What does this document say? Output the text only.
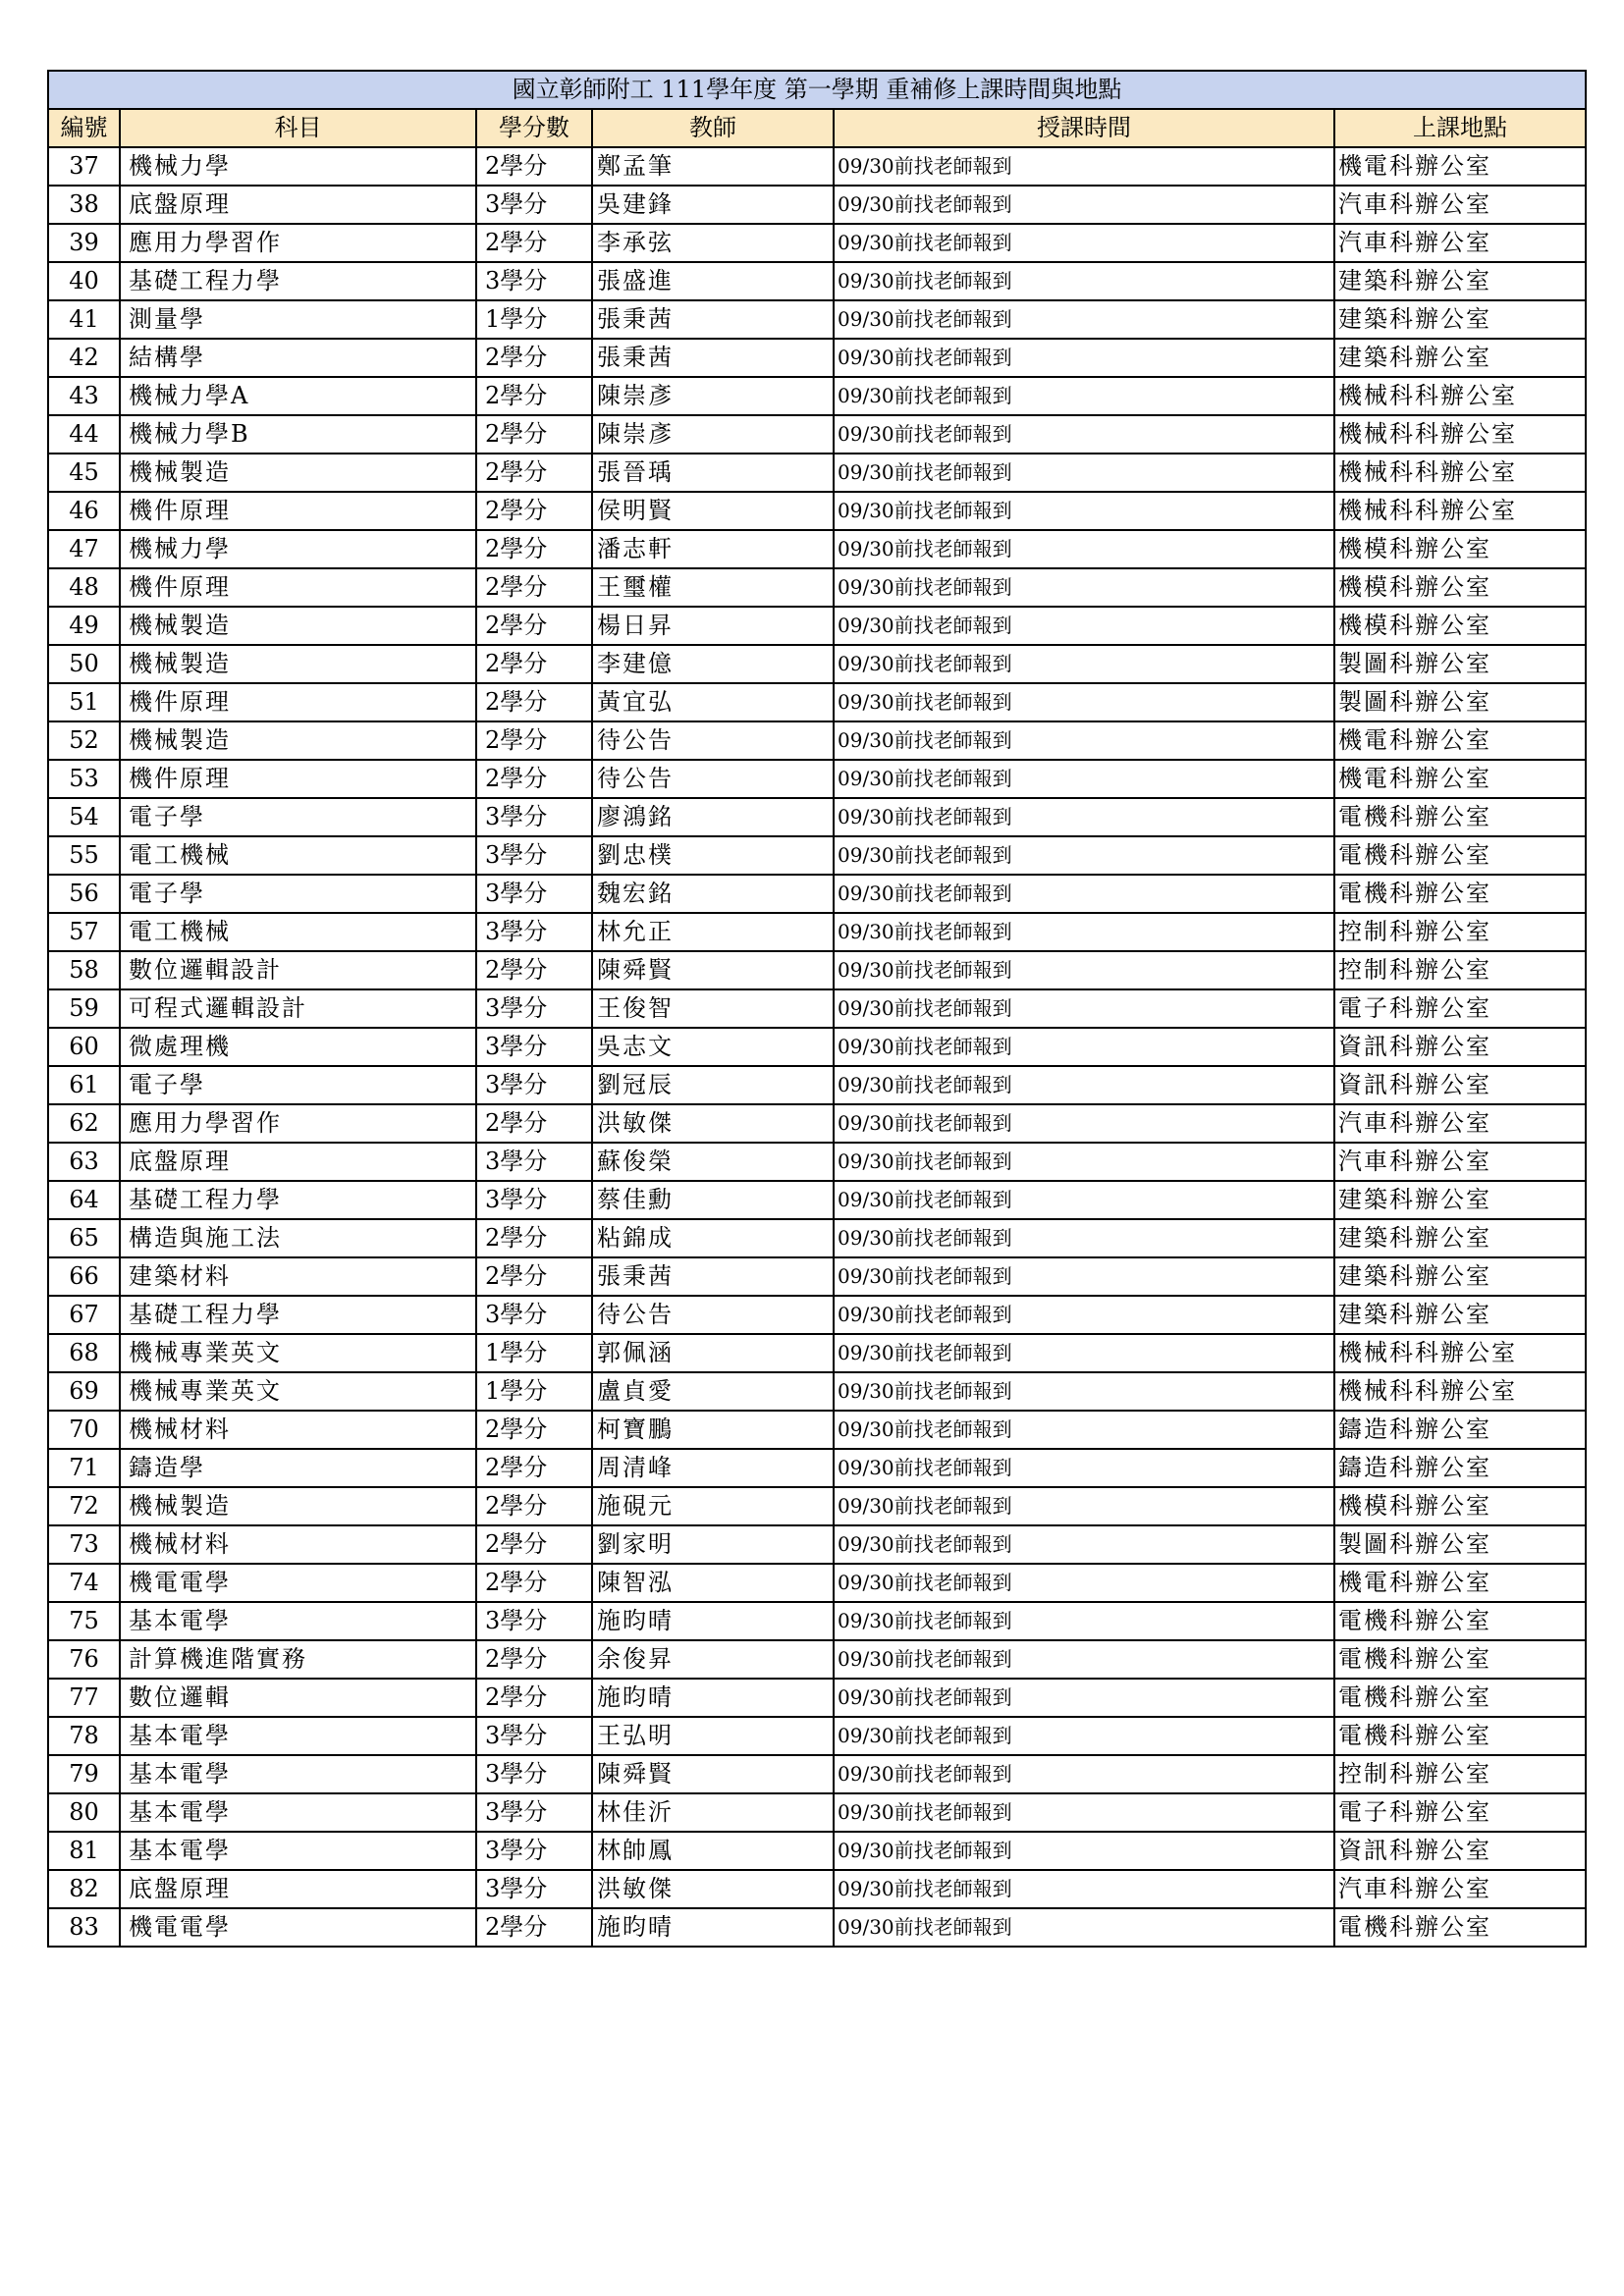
國立彰師附工 111學年度 第一學期 重補修上課時間與地點					
編號	科目	學分數	教師	授課時間	上課地點
37	機械力學	2學分	鄭孟筆	09/30前找老師報到	機電科辦公室
38	底盤原理	3學分	吳建鋒	09/30前找老師報到	汽車科辦公室
39	應用力學習作	2學分	李承弦	09/30前找老師報到	汽車科辦公室
40	基礎工程力學	3學分	張盛進	09/30前找老師報到	建築科辦公室
41	測量學	1學分	張秉茜	09/30前找老師報到	建築科辦公室
42	結構學	2學分	張秉茜	09/30前找老師報到	建築科辦公室
43	機械力學A	2學分	陳崇彥	09/30前找老師報到	機械科科辦公室
44	機械力學B	2學分	陳崇彥	09/30前找老師報到	機械科科辦公室
45	機械製造	2學分	張晉瑀	09/30前找老師報到	機械科科辦公室
46	機件原理	2學分	侯明賢	09/30前找老師報到	機械科科辦公室
47	機械力學	2學分	潘志軒	09/30前找老師報到	機模科辦公室
48	機件原理	2學分	王璽權	09/30前找老師報到	機模科辦公室
49	機械製造	2學分	楊日昇	09/30前找老師報到	機模科辦公室
50	機械製造	2學分	李建億	09/30前找老師報到	製圖科辦公室
51	機件原理	2學分	黃宜弘	09/30前找老師報到	製圖科辦公室
52	機械製造	2學分	待公告	09/30前找老師報到	機電科辦公室
53	機件原理	2學分	待公告	09/30前找老師報到	機電科辦公室
54	電子學	3學分	廖鴻銘	09/30前找老師報到	電機科辦公室
55	電工機械	3學分	劉忠樸	09/30前找老師報到	電機科辦公室
56	電子學	3學分	魏宏銘	09/30前找老師報到	電機科辦公室
57	電工機械	3學分	林允正	09/30前找老師報到	控制科辦公室
58	數位邏輯設計	2學分	陳舜賢	09/30前找老師報到	控制科辦公室
59	可程式邏輯設計	3學分	王俊智	09/30前找老師報到	電子科辦公室
60	微處理機	3學分	吳志文	09/30前找老師報到	資訊科辦公室
61	電子學	3學分	劉冠辰	09/30前找老師報到	資訊科辦公室
62	應用力學習作	2學分	洪敏傑	09/30前找老師報到	汽車科辦公室
63	底盤原理	3學分	蘇俊榮	09/30前找老師報到	汽車科辦公室
64	基礎工程力學	3學分	蔡佳勳	09/30前找老師報到	建築科辦公室
65	構造與施工法	2學分	粘錦成	09/30前找老師報到	建築科辦公室
66	建築材料	2學分	張秉茜	09/30前找老師報到	建築科辦公室
67	基礎工程力學	3學分	待公告	09/30前找老師報到	建築科辦公室
68	機械專業英文	1學分	郭佩涵	09/30前找老師報到	機械科科辦公室
69	機械專業英文	1學分	盧貞愛	09/30前找老師報到	機械科科辦公室
70	機械材料	2學分	柯寶鵬	09/30前找老師報到	鑄造科辦公室
71	鑄造學	2學分	周清峰	09/30前找老師報到	鑄造科辦公室
72	機械製造	2學分	施硯元	09/30前找老師報到	機模科辦公室
73	機械材料	2學分	劉家明	09/30前找老師報到	製圖科辦公室
74	機電電學	2學分	陳智泓	09/30前找老師報到	機電科辦公室
75	基本電學	3學分	施昀晴	09/30前找老師報到	電機科辦公室
76	計算機進階實務	2學分	余俊昇	09/30前找老師報到	電機科辦公室
77	數位邏輯	2學分	施昀晴	09/30前找老師報到	電機科辦公室
78	基本電學	3學分	王弘明	09/30前找老師報到	電機科辦公室
79	基本電學	3學分	陳舜賢	09/30前找老師報到	控制科辦公室
80	基本電學	3學分	林佳沂	09/30前找老師報到	電子科辦公室
81	基本電學	3學分	林帥鳳	09/30前找老師報到	資訊科辦公室
82	底盤原理	3學分	洪敏傑	09/30前找老師報到	汽車科辦公室
83	機電電學	2學分	施昀晴	09/30前找老師報到	電機科辦公室
